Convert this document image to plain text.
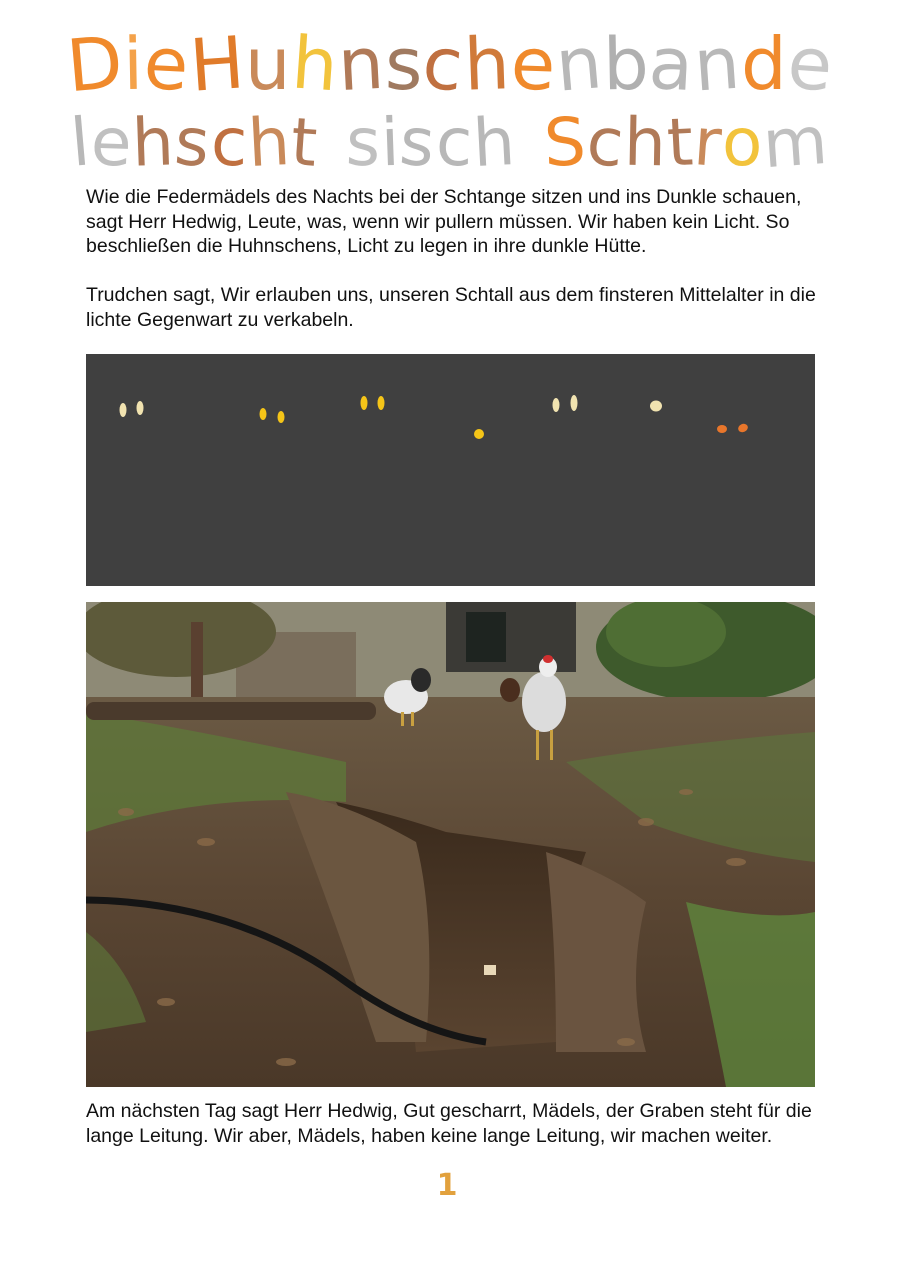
DieHuhnschenbande
lehscht sisch Schtrom

Wie die Federmädels des Nachts bei der Schtange sitzen und ins Dunkle schauen, sagt Herr Hedwig, Leute, was, wenn wir pullern müssen. Wir haben kein Licht. So beschließen die Huhnschens, Licht zu legen in ihre dunkle Hütte.

Trudchen sagt, Wir erlauben uns, unseren Schtall aus dem finsteren Mittelalter in die lichte Gegenwart zu verkabeln.

Am nächsten Tag sagt Herr Hedwig, Gut gescharrt, Mädels, der Graben steht für die lange Leitung. Wir aber, Mädels, haben keine lange Leitung, wir machen weiter.

1
